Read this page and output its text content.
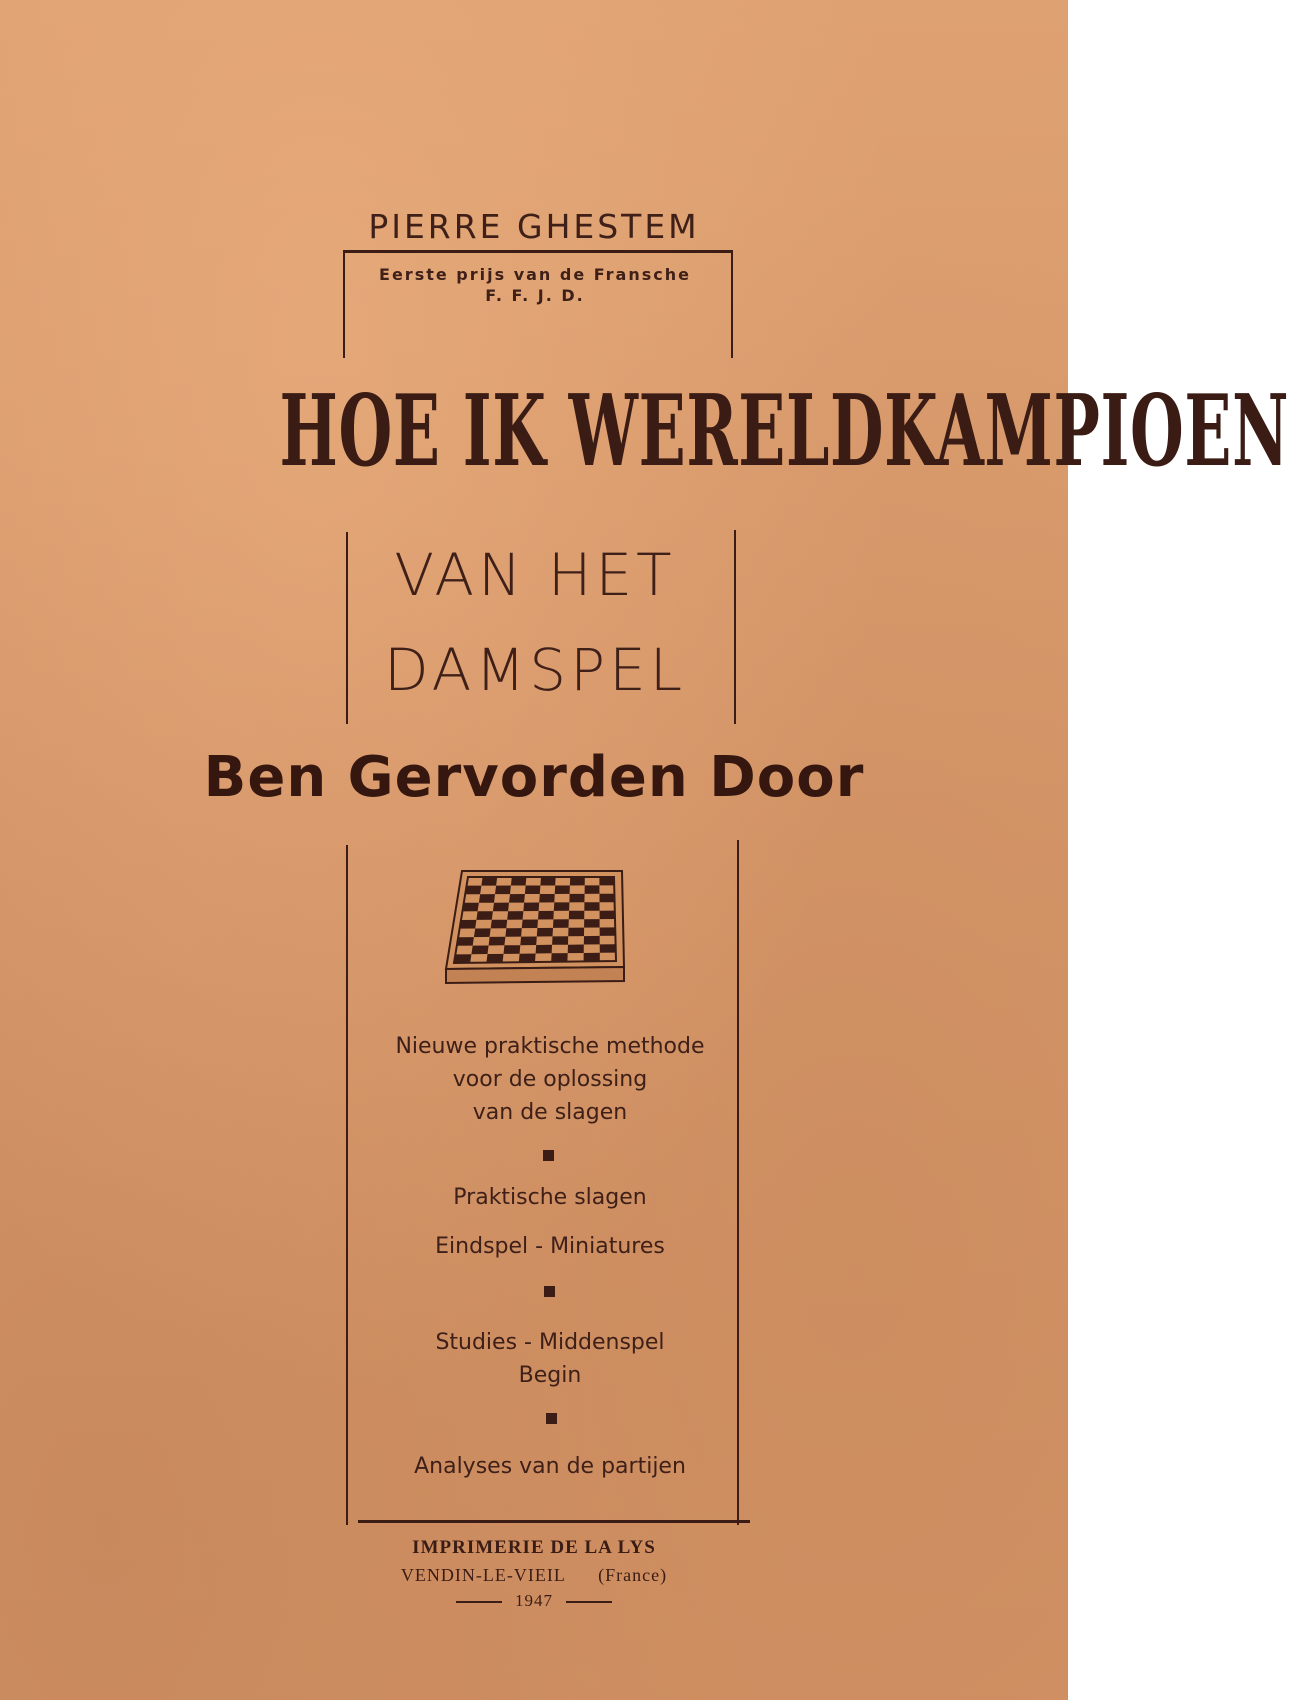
PIERRE GHESTEM
Eerste prijs van de Fransche
F. F. J. D.
HOE IK WERELDKAMPIOEN
VAN HET
DAMSPEL
Ben Gervorden Door
Nieuwe praktische methode
voor de oplossing
van de slagen
Praktische slagen
Eindspel - Miniatures
Studies - Middenspel
Begin
Analyses van de partijen
IMPRIMERIE DE LA LYS
VENDIN-LE-VIEIL (France)
1947
